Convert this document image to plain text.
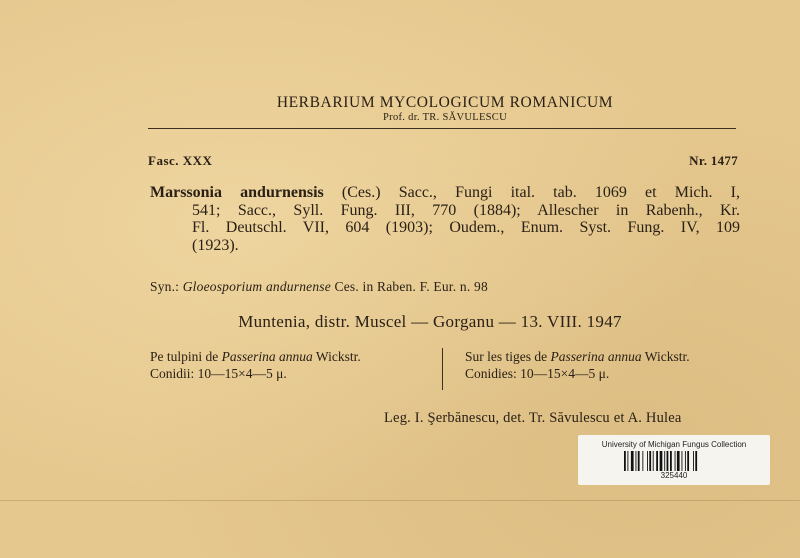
HERBARIUM MYCOLOGICUM ROMANICUM
Prof. dr. TR. SĂVULESCU
Fasc. XXX	Nr. 1477
Marssonia andurnensis (Ces.) Sacc., Fungi ital. tab. 1069 et Mich. I,
541; Sacc., Syll. Fung. III, 770 (1884); Allescher in Rabenh., Kr.
Fl. Deutschl. VII, 604 (1903); Oudem., Enum. Syst. Fung. IV, 109
(1923).
Syn.: Gloeosporium andurnense Ces. in Raben. F. Eur. n. 98
Muntenia, distr. Muscel — Gorganu — 13. VIII. 1947
Pe tulpini de Passerina annua Wickstr.
Conidii: 10—15×4—5 μ.
Sur les tiges de Passerina annua Wickstr.
Conidies: 10—15×4—5 μ.
Leg. I. Şerbănescu, det. Tr. Săvulescu et A. Hulea
University of Michigan Fungus Collection
325440
